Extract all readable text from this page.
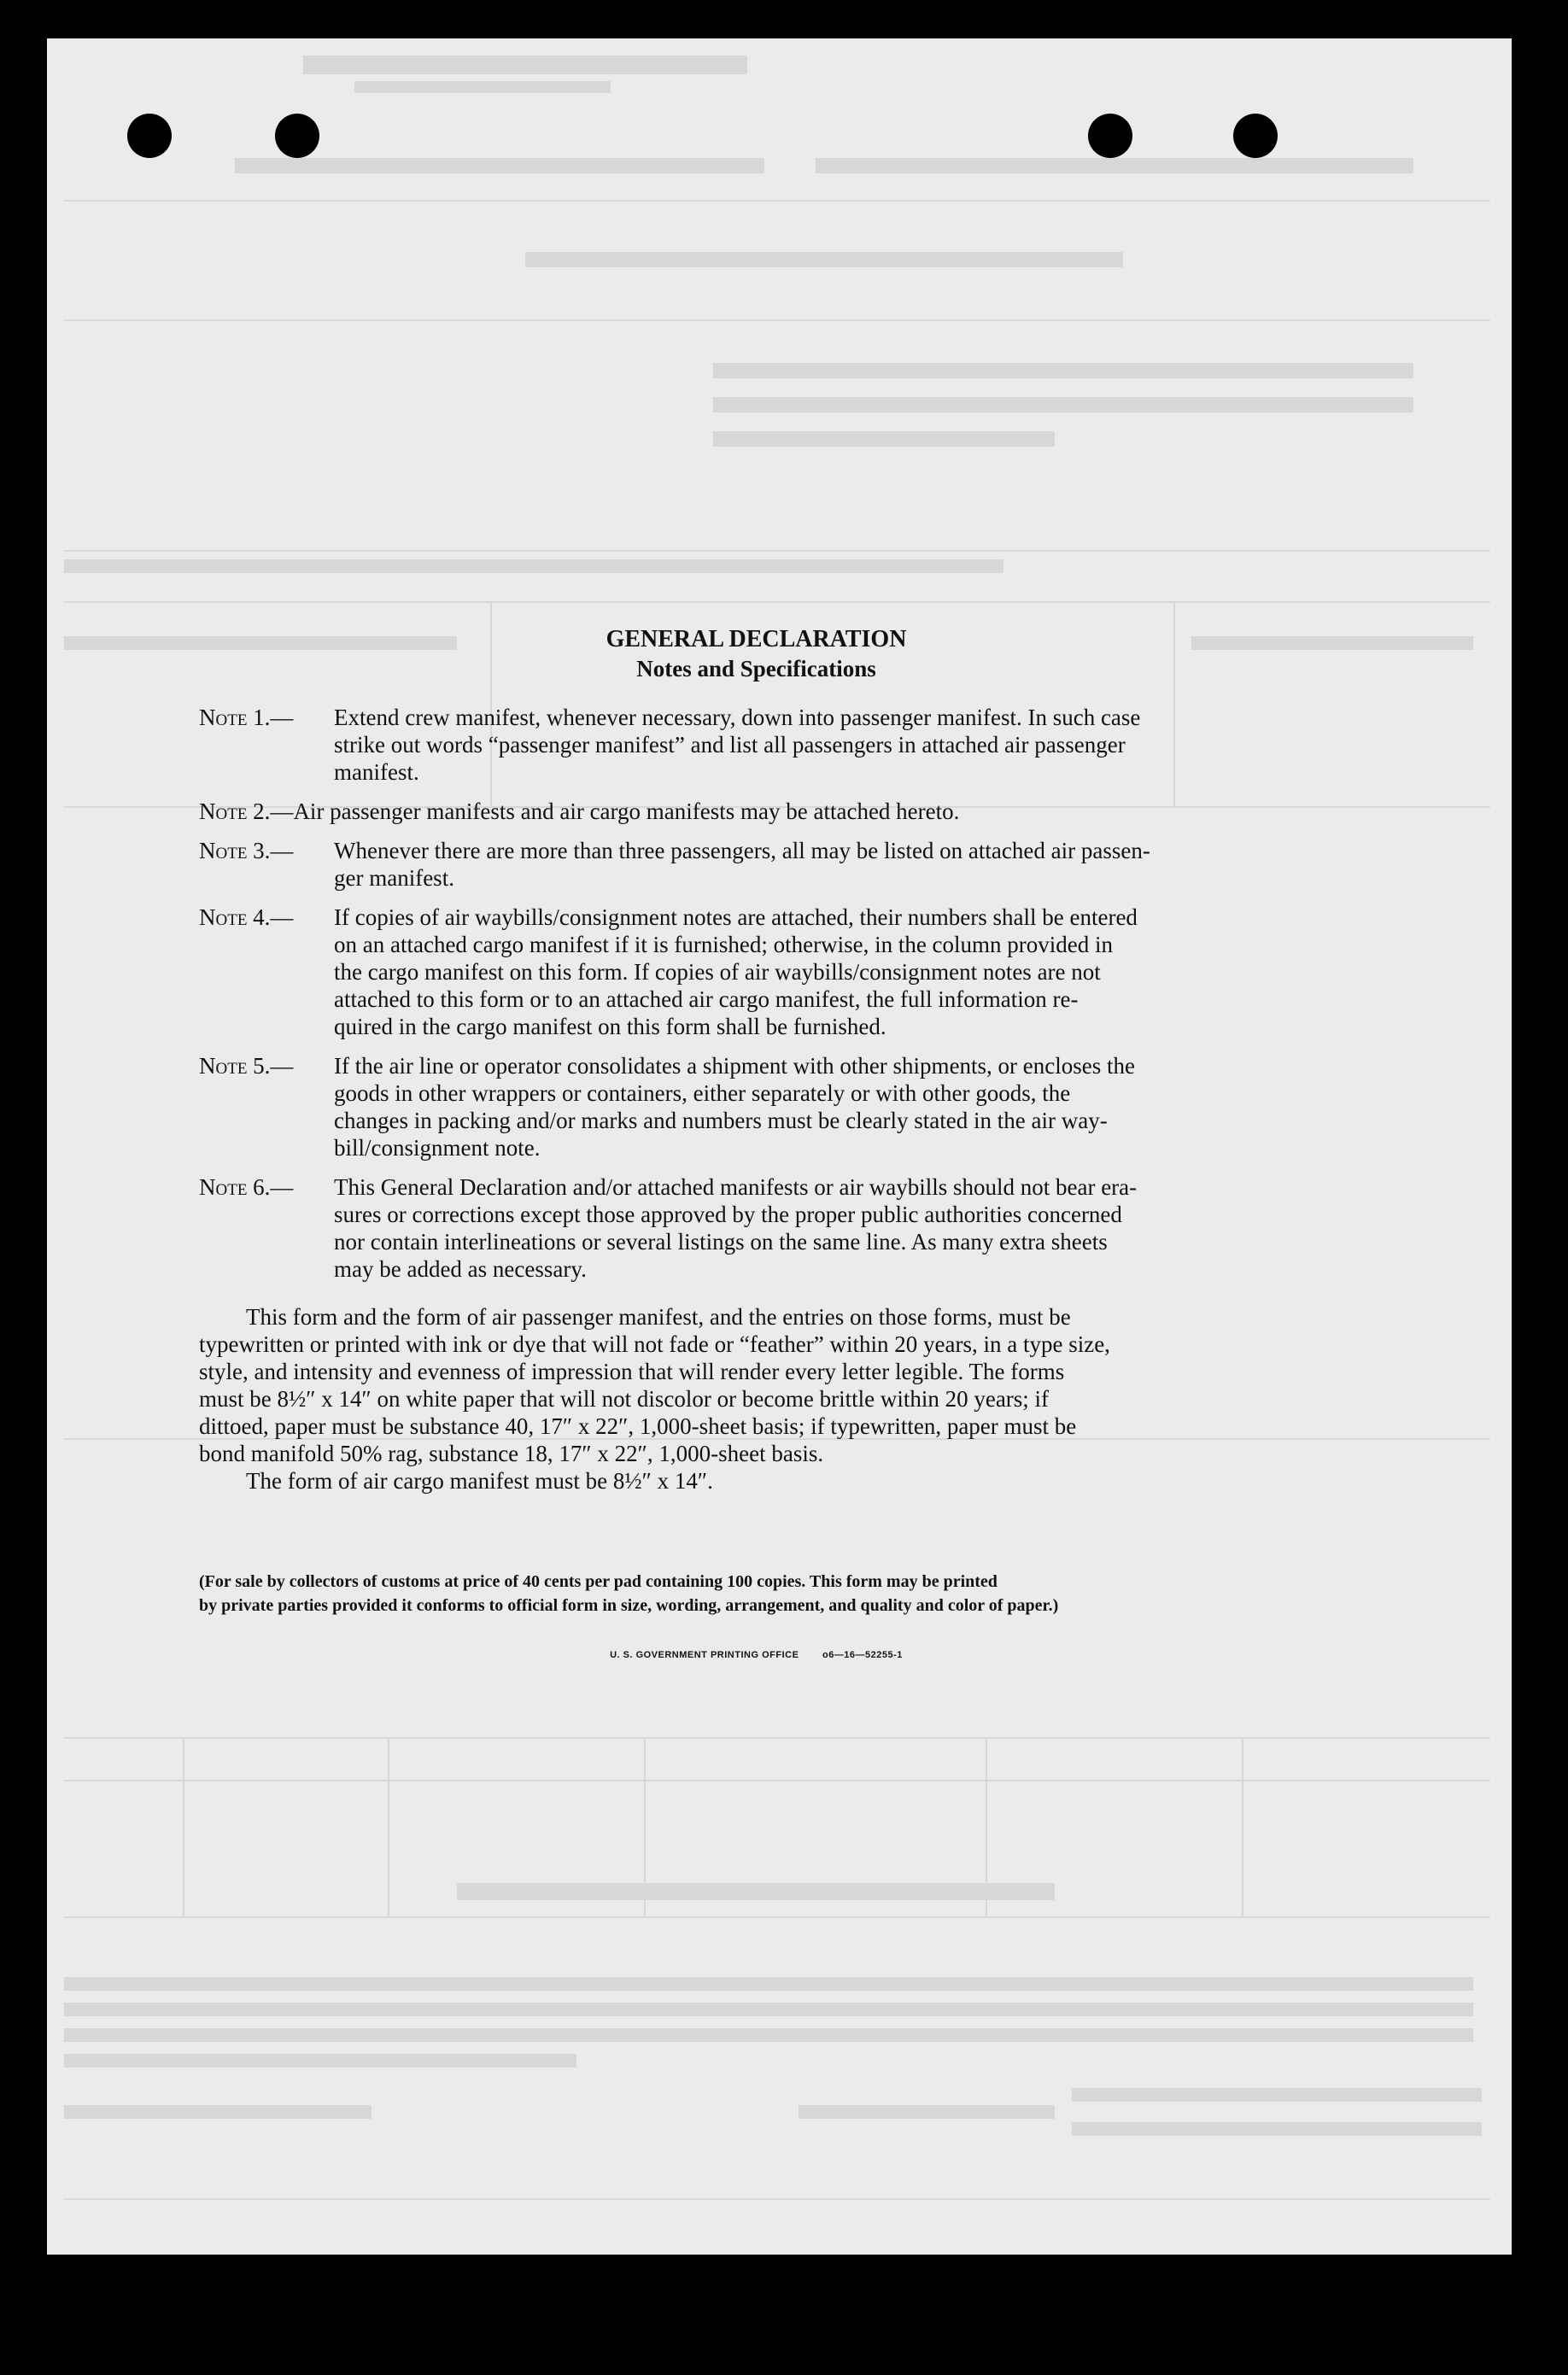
GENERAL DECLARATION
Notes and Specifications
Note 1.—	Extend crew manifest, whenever necessary, down into passenger manifest. In such case

strike out words “passenger manifest” and list all passengers in attached air passenger

manifest.

Note 2.— Air passenger manifests and air cargo manifests may be attached hereto.

Note 3.—	Whenever there are more than three passengers, all may be listed on attached air passen-

ger manifest.

Note 4.—	If copies of air waybills/consignment notes are attached, their numbers shall be entered

on an attached cargo manifest if it is furnished; otherwise, in the column provided in

the cargo manifest on this form. If copies of air waybills/consignment notes are not

attached to this form or to an attached air cargo manifest, the full information re-

quired in the cargo manifest on this form shall be furnished.

Note 5.—	If the air line or operator consolidates a shipment with other shipments, or encloses the

goods in other wrappers or containers, either separately or with other goods, the

changes in packing and/or marks and numbers must be clearly stated in the air way-

bill/consignment note.

Note 6.—	This General Declaration and/or attached manifests or air waybills should not bear era-

sures or corrections except those approved by the proper public authorities concerned

nor contain interlineations or several listings on the same line. As many extra sheets

may be added as necessary.

This form and the form of air passenger manifest, and the entries on those forms, must be

typewritten or printed with ink or dye that will not fade or “feather” within 20 years, in a type size,

style, and intensity and evenness of impression that will render every letter legible. The forms

must be 8½″ x 14″ on white paper that will not discolor or become brittle within 20 years; if

dittoed, paper must be substance 40, 17″ x 22″, 1,000-sheet basis; if typewritten, paper must be

bond manifold 50% rag, substance 18, 17″ x 22″, 1,000-sheet basis.

The form of air cargo manifest must be 8½″ x 14″.

(For sale by collectors of customs at price of 40 cents per pad containing 100 copies. This form may be printed
by private parties provided it conforms to official form in size, wording, arrangement, and quality and color of paper.)
U. S. GOVERNMENT PRINTING OFFICE	o6—16—52255-1
